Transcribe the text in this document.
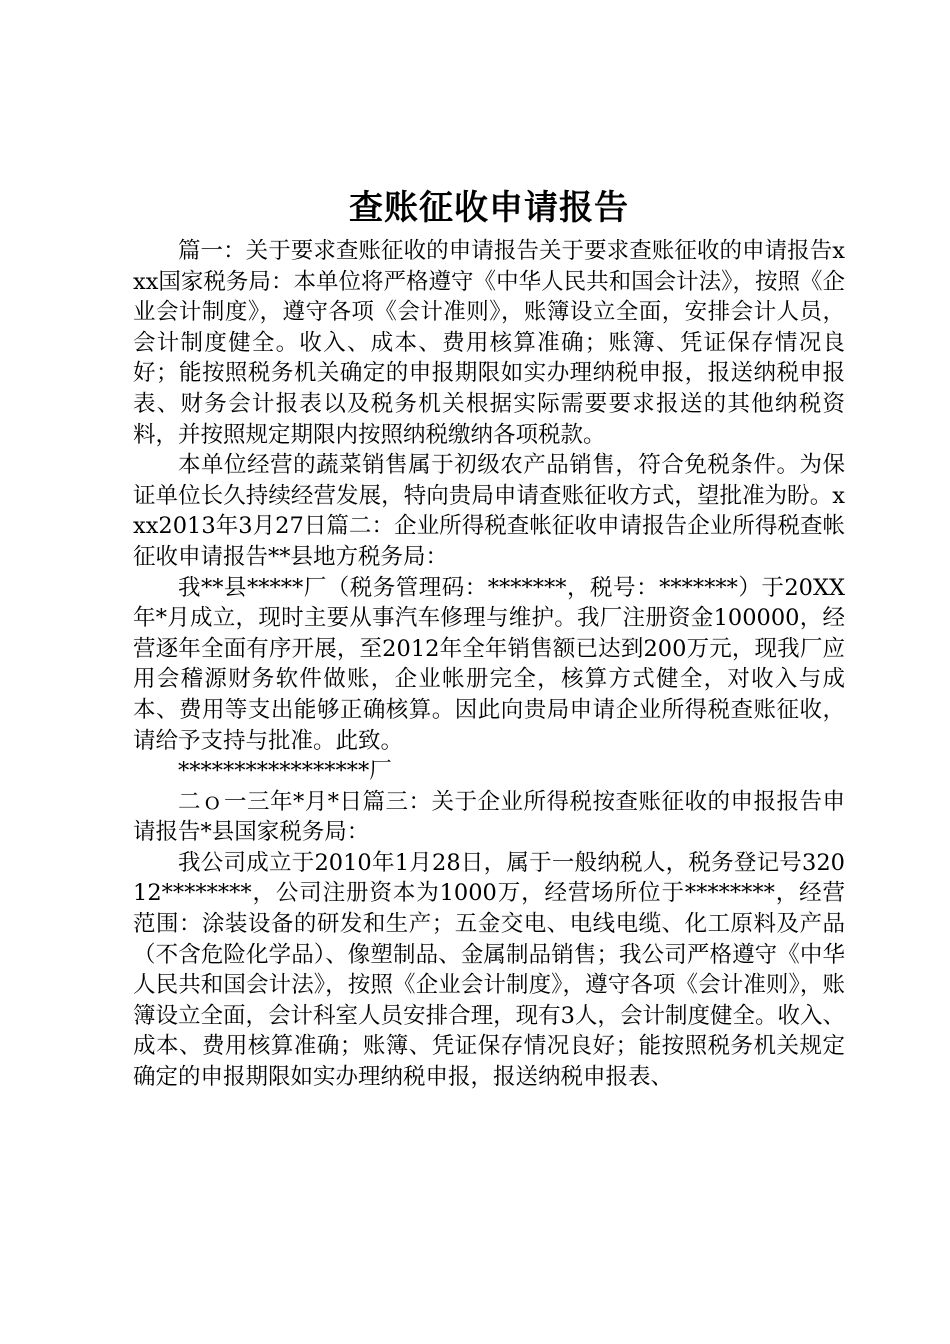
查账征收申请报告

篇一：关于要求查账征收的申请报告关于要求查账征收的申请报告xxx国家税务局：本单位将严格遵守《中华人民共和国会计法》，按照《企业会计制度》，遵守各项《会计准则》，账簿设立全面，安排会计人员，会计制度健全。收入、成本、费用核算准确；账簿、凭证保存情况良好；能按照税务机关确定的申报期限如实办理纳税申报，报送纳税申报表、财务会计报表以及税务机关根据实际需要要求报送的其他纳税资料，并按照规定期限内按照纳税缴纳各项税款。

本单位经营的蔬菜销售属于初级农产品销售，符合免税条件。为保证单位长久持续经营发展，特向贵局申请查账征收方式，望批准为盼。xxx2013年3月27日篇二：企业所得税查帐征收申请报告企业所得税查帐征收申请报告**县地方税务局：

我**县*****厂（税务管理码：*******，税号：*******）于20XX年*月成立，现时主要从事汽车修理与维护。我厂注册资金100000，经营逐年全面有序开展，至2012年全年销售额已达到200万元，现我厂应用会稽源财务软件做账，企业帐册完全，核算方式健全，对收入与成本、费用等支出能够正确核算。因此向贵局申请企业所得税查账征收，请给予支持与批准。此致。

*****************厂

二ｏ一三年*月*日篇三：关于企业所得税按查账征收的申报报告申请报告*县国家税务局：

我公司成立于2010年1月28日，属于一般纳税人，税务登记号32012********，公司注册资本为1000万，经营场所位于********，经营范围：涂装设备的研发和生产；五金交电、电线电缆、化工原料及产品（不含危险化学品）、像塑制品、金属制品销售；我公司严格遵守《中华人民共和国会计法》，按照《企业会计制度》，遵守各项《会计准则》，账簿设立全面，会计科室人员安排合理，现有3人，会计制度健全。收入、成本、费用核算准确；账簿、凭证保存情况良好；能按照税务机关规定确定的申报期限如实办理纳税申报，报送纳税申报表、
